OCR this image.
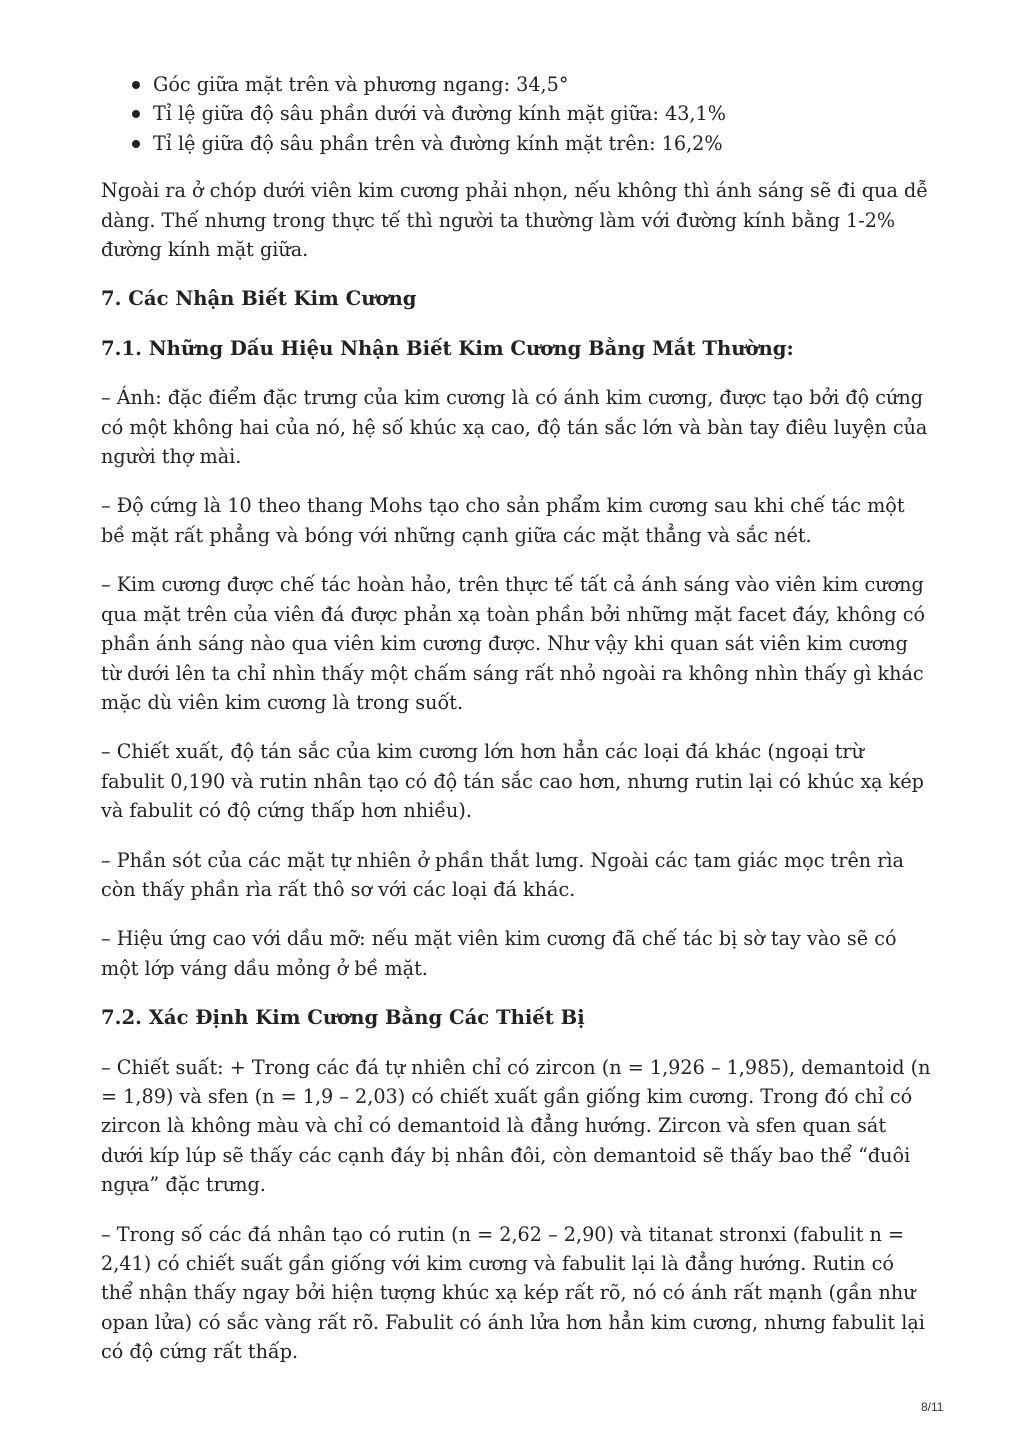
Góc giữa mặt trên và phương ngang: 34,5°
Tỉ lệ giữa độ sâu phần dưới và đường kính mặt giữa: 43,1%
Tỉ lệ giữa độ sâu phần trên và đường kính mặt trên: 16,2%

Ngoài ra ở chóp dưới viên kim cương phải nhọn, nếu không thì ánh sáng sẽ đi qua dễ dàng. Thế nhưng trong thực tế thì người ta thường làm với đường kính bằng 1-2% đường kính mặt giữa.

7. Các Nhận Biết Kim Cương
7.1. Những Dấu Hiệu Nhận Biết Kim Cương Bằng Mắt Thường:

– Ánh: đặc điểm đặc trưng của kim cương là có ánh kim cương, được tạo bởi độ cứng có một không hai của nó, hệ số khúc xạ cao, độ tán sắc lớn và bàn tay điêu luyện của người thợ mài.

– Độ cứng là 10 theo thang Mohs tạo cho sản phẩm kim cương sau khi chế tác một bề mặt rất phẳng và bóng với những cạnh giữa các mặt thẳng và sắc nét.

– Kim cương được chế tác hoàn hảo, trên thực tế tất cả ánh sáng vào viên kim cương qua mặt trên của viên đá được phản xạ toàn phần bởi những mặt facet đáy, không có phần ánh sáng nào qua viên kim cương được. Như vậy khi quan sát viên kim cương từ dưới lên ta chỉ nhìn thấy một chấm sáng rất nhỏ ngoài ra không nhìn thấy gì khác mặc dù viên kim cương là trong suốt.

– Chiết xuất, độ tán sắc của kim cương lớn hơn hẳn các loại đá khác (ngoại trừ fabulit 0,190 và rutin nhân tạo có độ tán sắc cao hơn, nhưng rutin lại có khúc xạ kép và fabulit có độ cứng thấp hơn nhiều).

– Phần sót của các mặt tự nhiên ở phần thắt lưng. Ngoài các tam giác mọc trên rìa còn thấy phần rìa rất thô sơ với các loại đá khác.

– Hiệu ứng cao với dầu mỡ: nếu mặt viên kim cương đã chế tác bị sờ tay vào sẽ có một lớp váng dầu mỏng ở bề mặt.

7.2. Xác Định Kim Cương Bằng Các Thiết Bị

– Chiết suất: + Trong các đá tự nhiên chỉ có zircon (n = 1,926 – 1,985), demantoid (n = 1,89) và sfen (n = 1,9 – 2,03) có chiết xuất gần giống kim cương. Trong đó chỉ có zircon là không màu và chỉ có demantoid là đẳng hướng. Zircon và sfen quan sát dưới kíp lúp sẽ thấy các cạnh đáy bị nhân đôi, còn demantoid sẽ thấy bao thể “đuôi ngựa” đặc trưng.

– Trong số các đá nhân tạo có rutin (n = 2,62 – 2,90) và titanat stronxi (fabulit n = 2,41) có chiết suất gần giống với kim cương và fabulit lại là đẳng hướng. Rutin có thể nhận thấy ngay bởi hiện tượng khúc xạ kép rất rõ, nó có ánh rất mạnh (gần như opan lửa) có sắc vàng rất rõ. Fabulit có ánh lửa hơn hẳn kim cương, nhưng fabulit lại có độ cứng rất thấp.

8/11
